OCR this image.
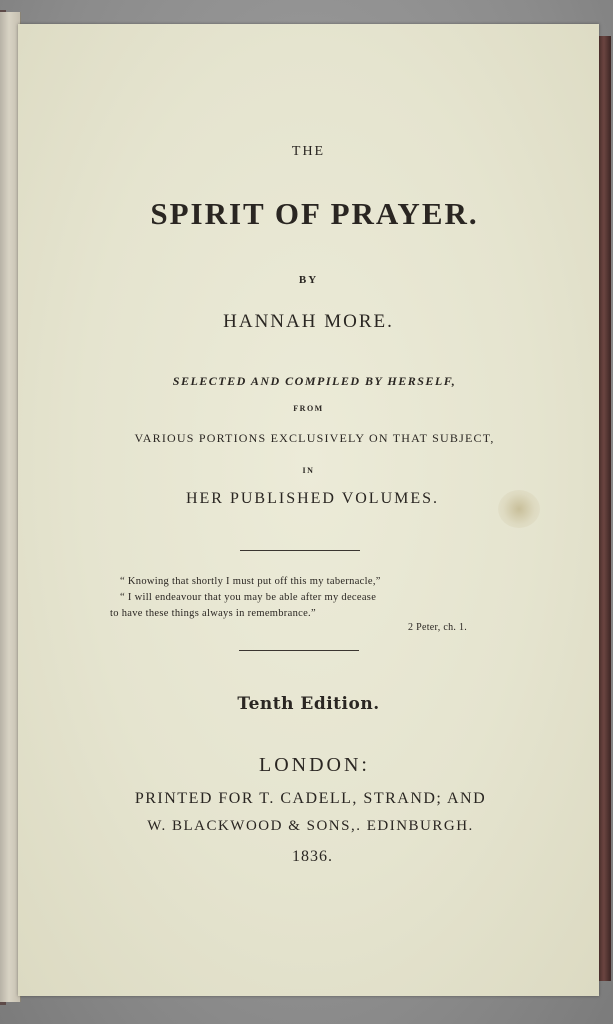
THE
SPIRIT OF PRAYER.
BY
HANNAH MORE.
SELECTED AND COMPILED BY HERSELF,
FROM
VARIOUS PORTIONS EXCLUSIVELY ON THAT SUBJECT,
IN
HER PUBLISHED VOLUMES.
“ Knowing that shortly I must put off this my tabernacle,”
“ I will endeavour that you may be able after my decease
to have these things always in remembrance.”
2 Peter, ch. 1.
Tenth Edition.
LONDON:
PRINTED FOR T. CADELL, STRAND; AND
W. BLACKWOOD & SONS,. EDINBURGH.
1836.
